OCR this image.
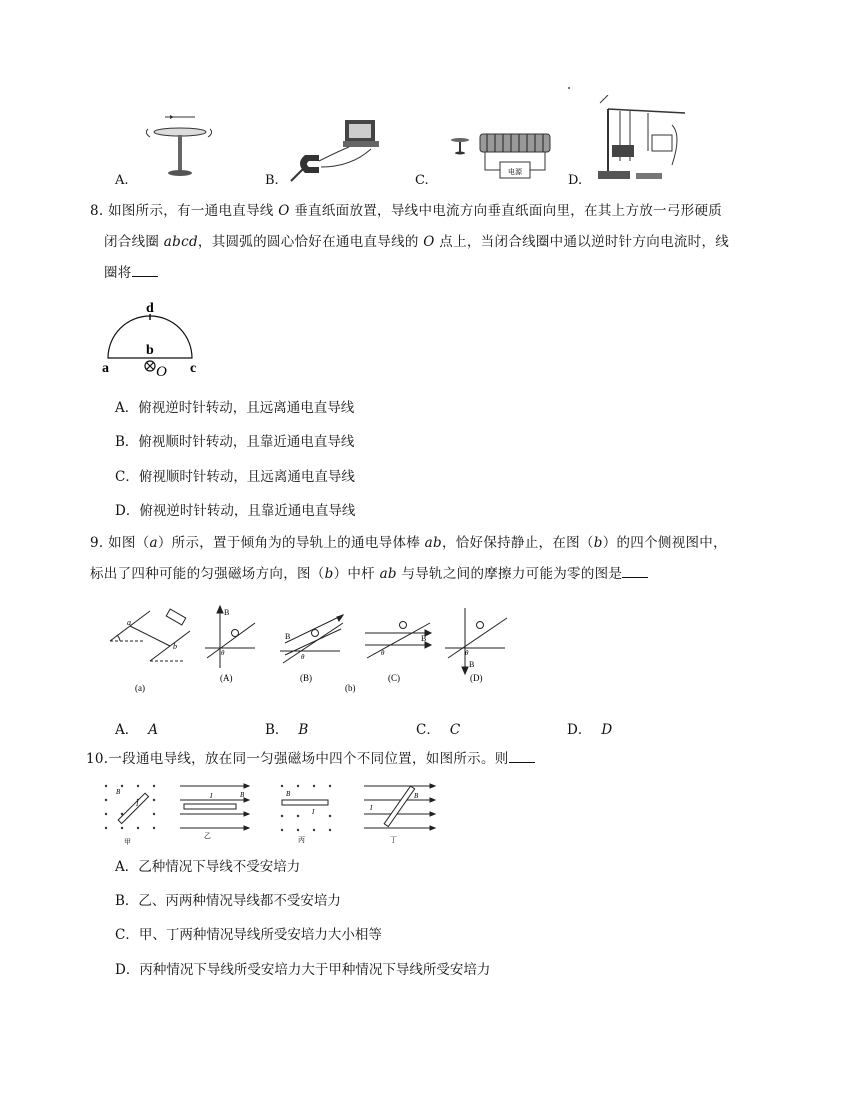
A.	B.
电源
C.	D.
8. 如图所示，有一通电直导线 O 垂直纸面放置，导线中电流方向垂直纸面向里，在其上方放一弓形硬质
闭合线圈 abcd，其圆弧的圆心恰好在通电直导线的 O 点上，当闭合线圈中通以逆时针方向电流时，线
圈将
d
b
a	c
O
A．俯视逆时针转动，且远离通电直导线
B．俯视顺时针转动，且靠近通电直导线
C．俯视顺时针转动，且远离通电直导线
D．俯视逆时针转动，且靠近通电直导线
9. 如图（a）所示，置于倾角为的导轨上的通电导体棒 ab，恰好保持静止，在图（b）的四个侧视图中，
标出了四种可能的匀强磁场方向，图（b）中杆 ab 与导轨之间的摩擦力可能为零的图是
a
b
(a)
B
θ
(A)
B
θ
(B)
(b)
B
θ
(C)
B
θ
(D)
A． A	B． B	C． C	D． D
10.一段通电导线，放在同一匀强磁场中四个不同位置，如图所示。则
B
I
甲
I	B
乙
B
I
丙
I
B
丁
A．乙种情况下导线不受安培力
B．乙、丙两种情况导线都不受安培力
C．甲、丁两种情况导线所受安培力大小相等
D．丙种情况下导线所受安培力大于甲种情况下导线所受安培力
